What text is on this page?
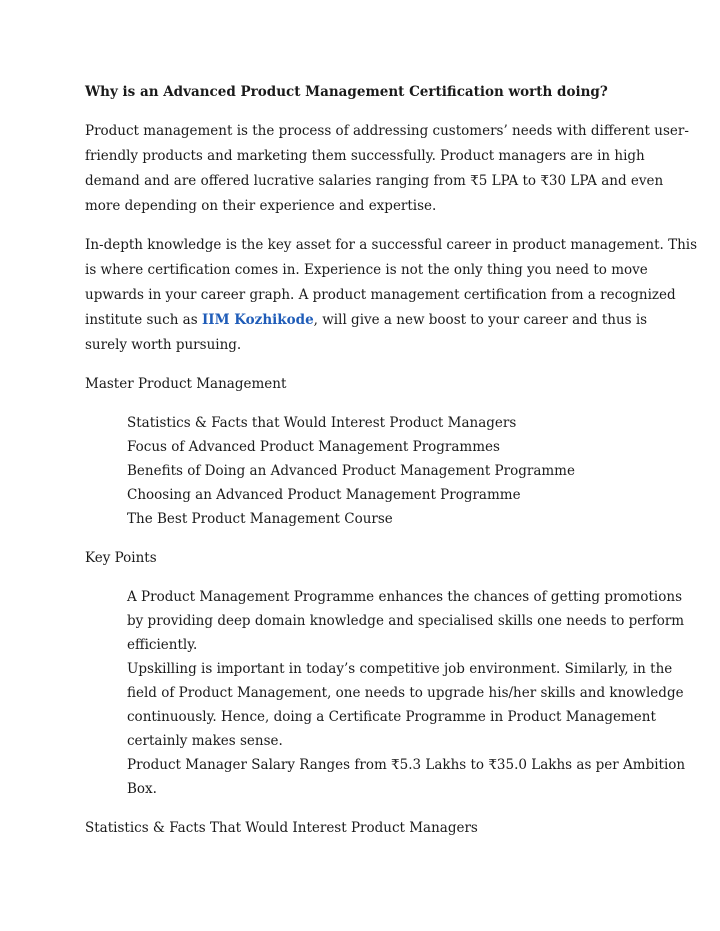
Why is an Advanced Product Management Certification worth doing?
Product management is the process of addressing customers’ needs with different user-
friendly products and marketing them successfully. Product managers are in high
demand and are offered lucrative salaries ranging from ₹5 LPA to ₹30 LPA and even
more depending on their experience and expertise.
In-depth knowledge is the key asset for a successful career in product management. This
is where certification comes in. Experience is not the only thing you need to move
upwards in your career graph. A product management certification from a recognized
institute such as IIM Kozhikode, will give a new boost to your career and thus is
surely worth pursuing.
Master Product Management
Statistics & Facts that Would Interest Product Managers
Focus of Advanced Product Management Programmes
Benefits of Doing an Advanced Product Management Programme
Choosing an Advanced Product Management Programme
The Best Product Management Course
Key Points
A Product Management Programme enhances the chances of getting promotions
by providing deep domain knowledge and specialised skills one needs to perform
efficiently.
Upskilling is important in today’s competitive job environment. Similarly, in the
field of Product Management, one needs to upgrade his/her skills and knowledge
continuously. Hence, doing a Certificate Programme in Product Management
certainly makes sense.
Product Manager Salary Ranges from ₹5.3 Lakhs to ₹35.0 Lakhs as per Ambition
Box.
Statistics & Facts That Would Interest Product Managers
